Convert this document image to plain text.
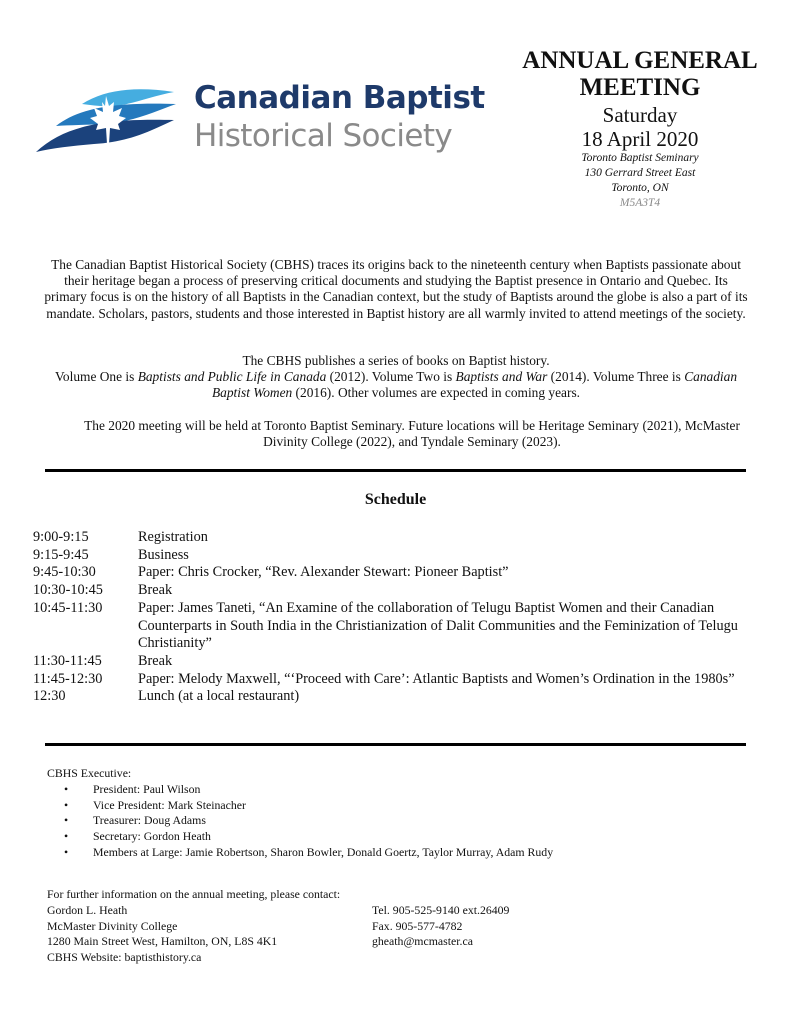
Canadian Baptist
Historical Society
ANNUAL GENERAL
MEETING
Saturday
18 April 2020
Toronto Baptist Seminary
130 Gerrard Street East
Toronto, ON
M5A3T4
The Canadian Baptist Historical Society (CBHS) traces its origins back to the nineteenth century when Baptists passionate about their heritage began a process of preserving critical documents and studying the Baptist presence in Ontario and Quebec. Its primary focus is on the history of all Baptists in the Canadian context, but the study of Baptists around the globe is also a part of its mandate. Scholars, pastors, students and those interested in Baptist history are all warmly invited to attend meetings of the society.
The CBHS publishes a series of books on Baptist history.
Volume One is Baptists and Public Life in Canada (2012). Volume Two is Baptists and War (2014). Volume Three is Canadian Baptist Women (2016). Other volumes are expected in coming years.
The 2020 meeting will be held at Toronto Baptist Seminary. Future locations will be Heritage Seminary (2021), McMaster Divinity College (2022), and Tyndale Seminary (2023).
Schedule
9:00-9:15	Registration
9:15-9:45	Business
9:45-10:30	Paper: Chris Crocker, “Rev. Alexander Stewart: Pioneer Baptist”
10:30-10:45	Break
10:45-11:30	Paper: James Taneti, “An Examine of the collaboration of Telugu Baptist Women and their Canadian Counterparts in South India in the Christianization of Dalit Communities and the Feminization of Telugu Christianity”
11:30-11:45	Break
11:45-12:30	Paper: Melody Maxwell, “‘Proceed with Care’: Atlantic Baptists and Women’s Ordination in the 1980s”
12:30	Lunch (at a local restaurant)
CBHS Executive:
• President: Paul Wilson
• Vice President: Mark Steinacher
• Treasurer: Doug Adams
• Secretary: Gordon Heath
• Members at Large: Jamie Robertson, Sharon Bowler, Donald Goertz, Taylor Murray, Adam Rudy
For further information on the annual meeting, please contact:
Gordon L. Heath	Tel. 905-525-9140 ext.26409
McMaster Divinity College	Fax. 905-577-4782
1280 Main Street West, Hamilton, ON, L8S 4K1	gheath@mcmaster.ca
CBHS Website: baptisthistory.ca
